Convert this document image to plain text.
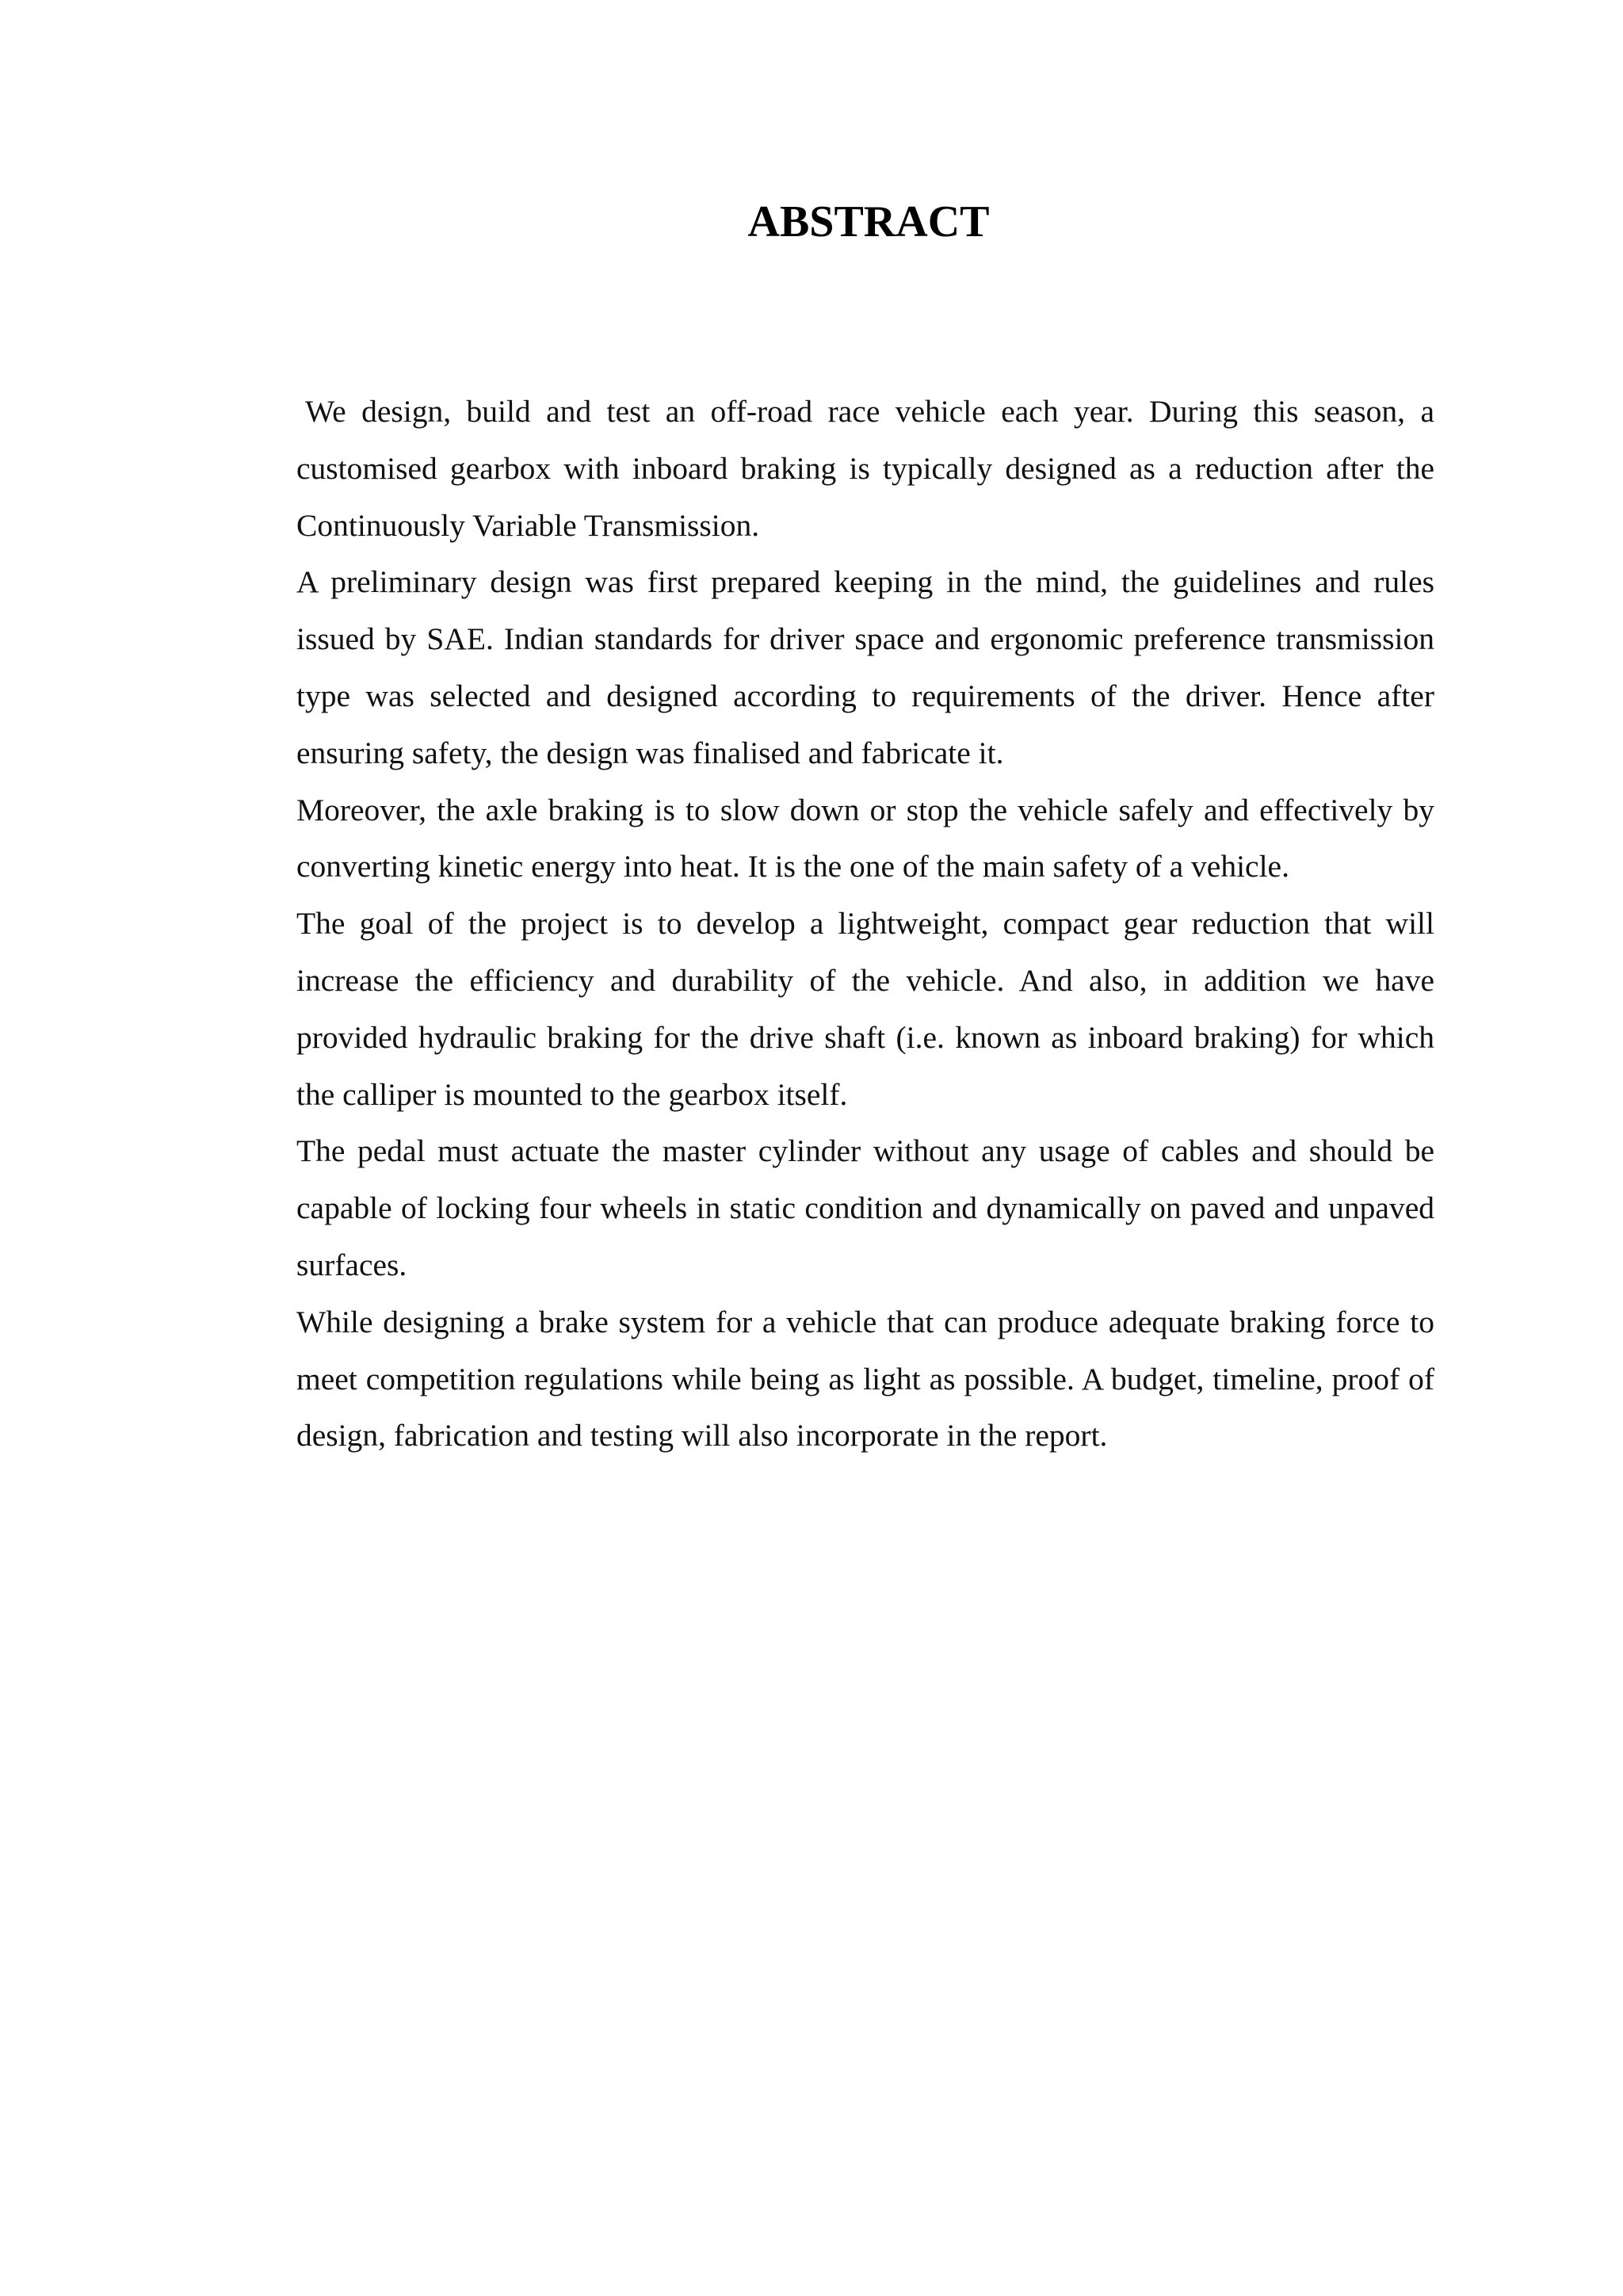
ABSTRACT

We design, build and test an off-road race vehicle each year. During this season, a customised gearbox with inboard braking is typically designed as a reduction after the Continuously Variable Transmission.

A preliminary design was first prepared keeping in the mind, the guidelines and rules issued by SAE. Indian standards for driver space and ergonomic preference transmission type was selected and designed according to requirements of the driver. Hence after ensuring safety, the design was finalised and fabricate it.

Moreover, the axle braking is to slow down or stop the vehicle safely and effectively by converting kinetic energy into heat. It is the one of the main safety of a vehicle.

The goal of the project is to develop a lightweight, compact gear reduction that will increase the efficiency and durability of the vehicle. And also, in addition we have provided hydraulic braking for the drive shaft (i.e. known as inboard braking) for which the calliper is mounted to the gearbox itself.

The pedal must actuate the master cylinder without any usage of cables and should be capable of locking four wheels in static condition and dynamically on paved and unpaved surfaces.

While designing a brake system for a vehicle that can produce adequate braking force to meet competition regulations while being as light as possible. A budget, timeline, proof of design, fabrication and testing will also incorporate in the report.
